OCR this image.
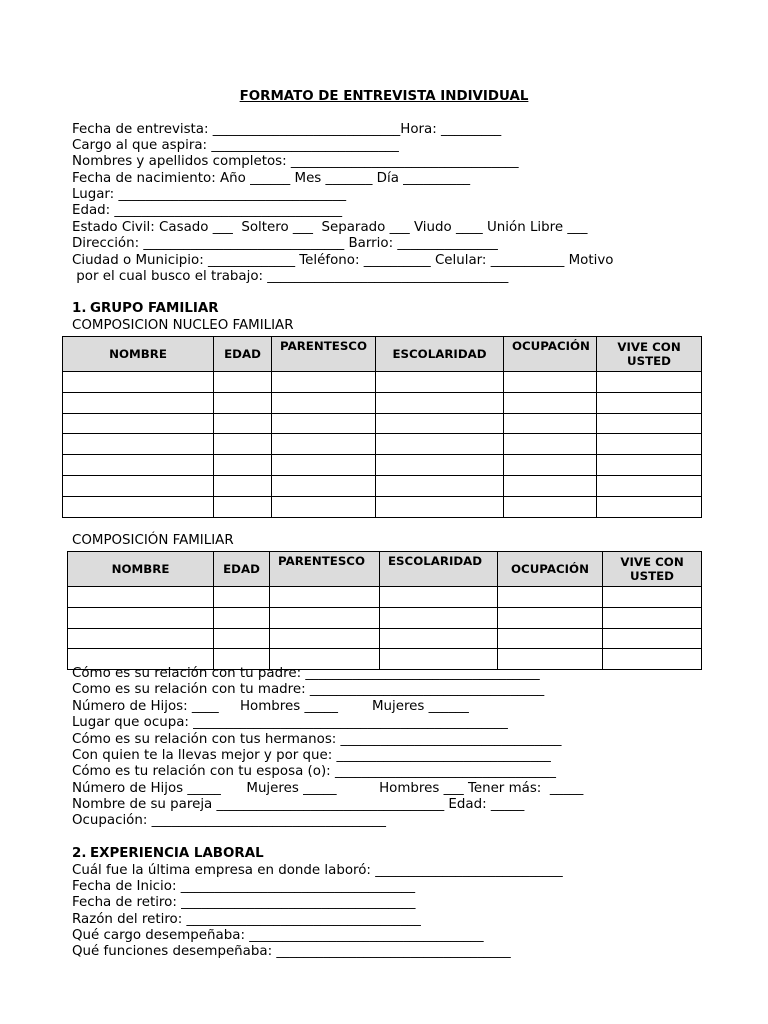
FORMATO DE ENTREVISTA INDIVIDUAL
Fecha de entrevista: ____________________________Hora: _________
Cargo al que aspira: ____________________________
Nombres y apellidos completos: __________________________________
Fecha de nacimiento: Año ______ Mes _______ Día __________
Lugar: __________________________________
Edad: __________________________________
Estado Civil: Casado ___  Soltero ___  Separado ___ Viudo ____ Unión Libre ___
Dirección: ______________________________ Barrio: _______________
Ciudad o Municipio: _____________ Teléfono: __________ Celular: ___________ Motivo
por el cual busco el trabajo: ____________________________________
1. GRUPO FAMILIAR
COMPOSICION NUCLEO FAMILIAR
NOMBRE	EDAD	PARENTESCO	ESCOLARIDAD	OCUPACIÓN	VIVE CON USTED

COMPOSICIÓN FAMILIAR
NOMBRE	EDAD	PARENTESCO	ESCOLARIDAD	OCUPACIÓN	VIVE CON USTED

Cómo es su relación con tu padre: ___________________________________
Como es su relación con tu madre: ___________________________________
Número de Hijos: ____     Hombres _____        Mujeres ______
Lugar que ocupa: _______________________________________________
Cómo es su relación con tus hermanos: _________________________________
Con quien te la llevas mejor y por que: ________________________________
Cómo es tu relación con tu esposa (o): _________________________________
Número de Hijos _____      Mujeres _____          Hombres ___ Tener más:  _____
Nombre de su pareja __________________________________ Edad: _____
Ocupación: ___________________________________
2. EXPERIENCIA LABORAL
Cuál fue la última empresa en donde laboró: ____________________________
Fecha de Inicio: ___________________________________
Fecha de retiro: ___________________________________
Razón del retiro: ___________________________________
Qué cargo desempeñaba: ___________________________________
Qué funciones desempeñaba: ___________________________________
